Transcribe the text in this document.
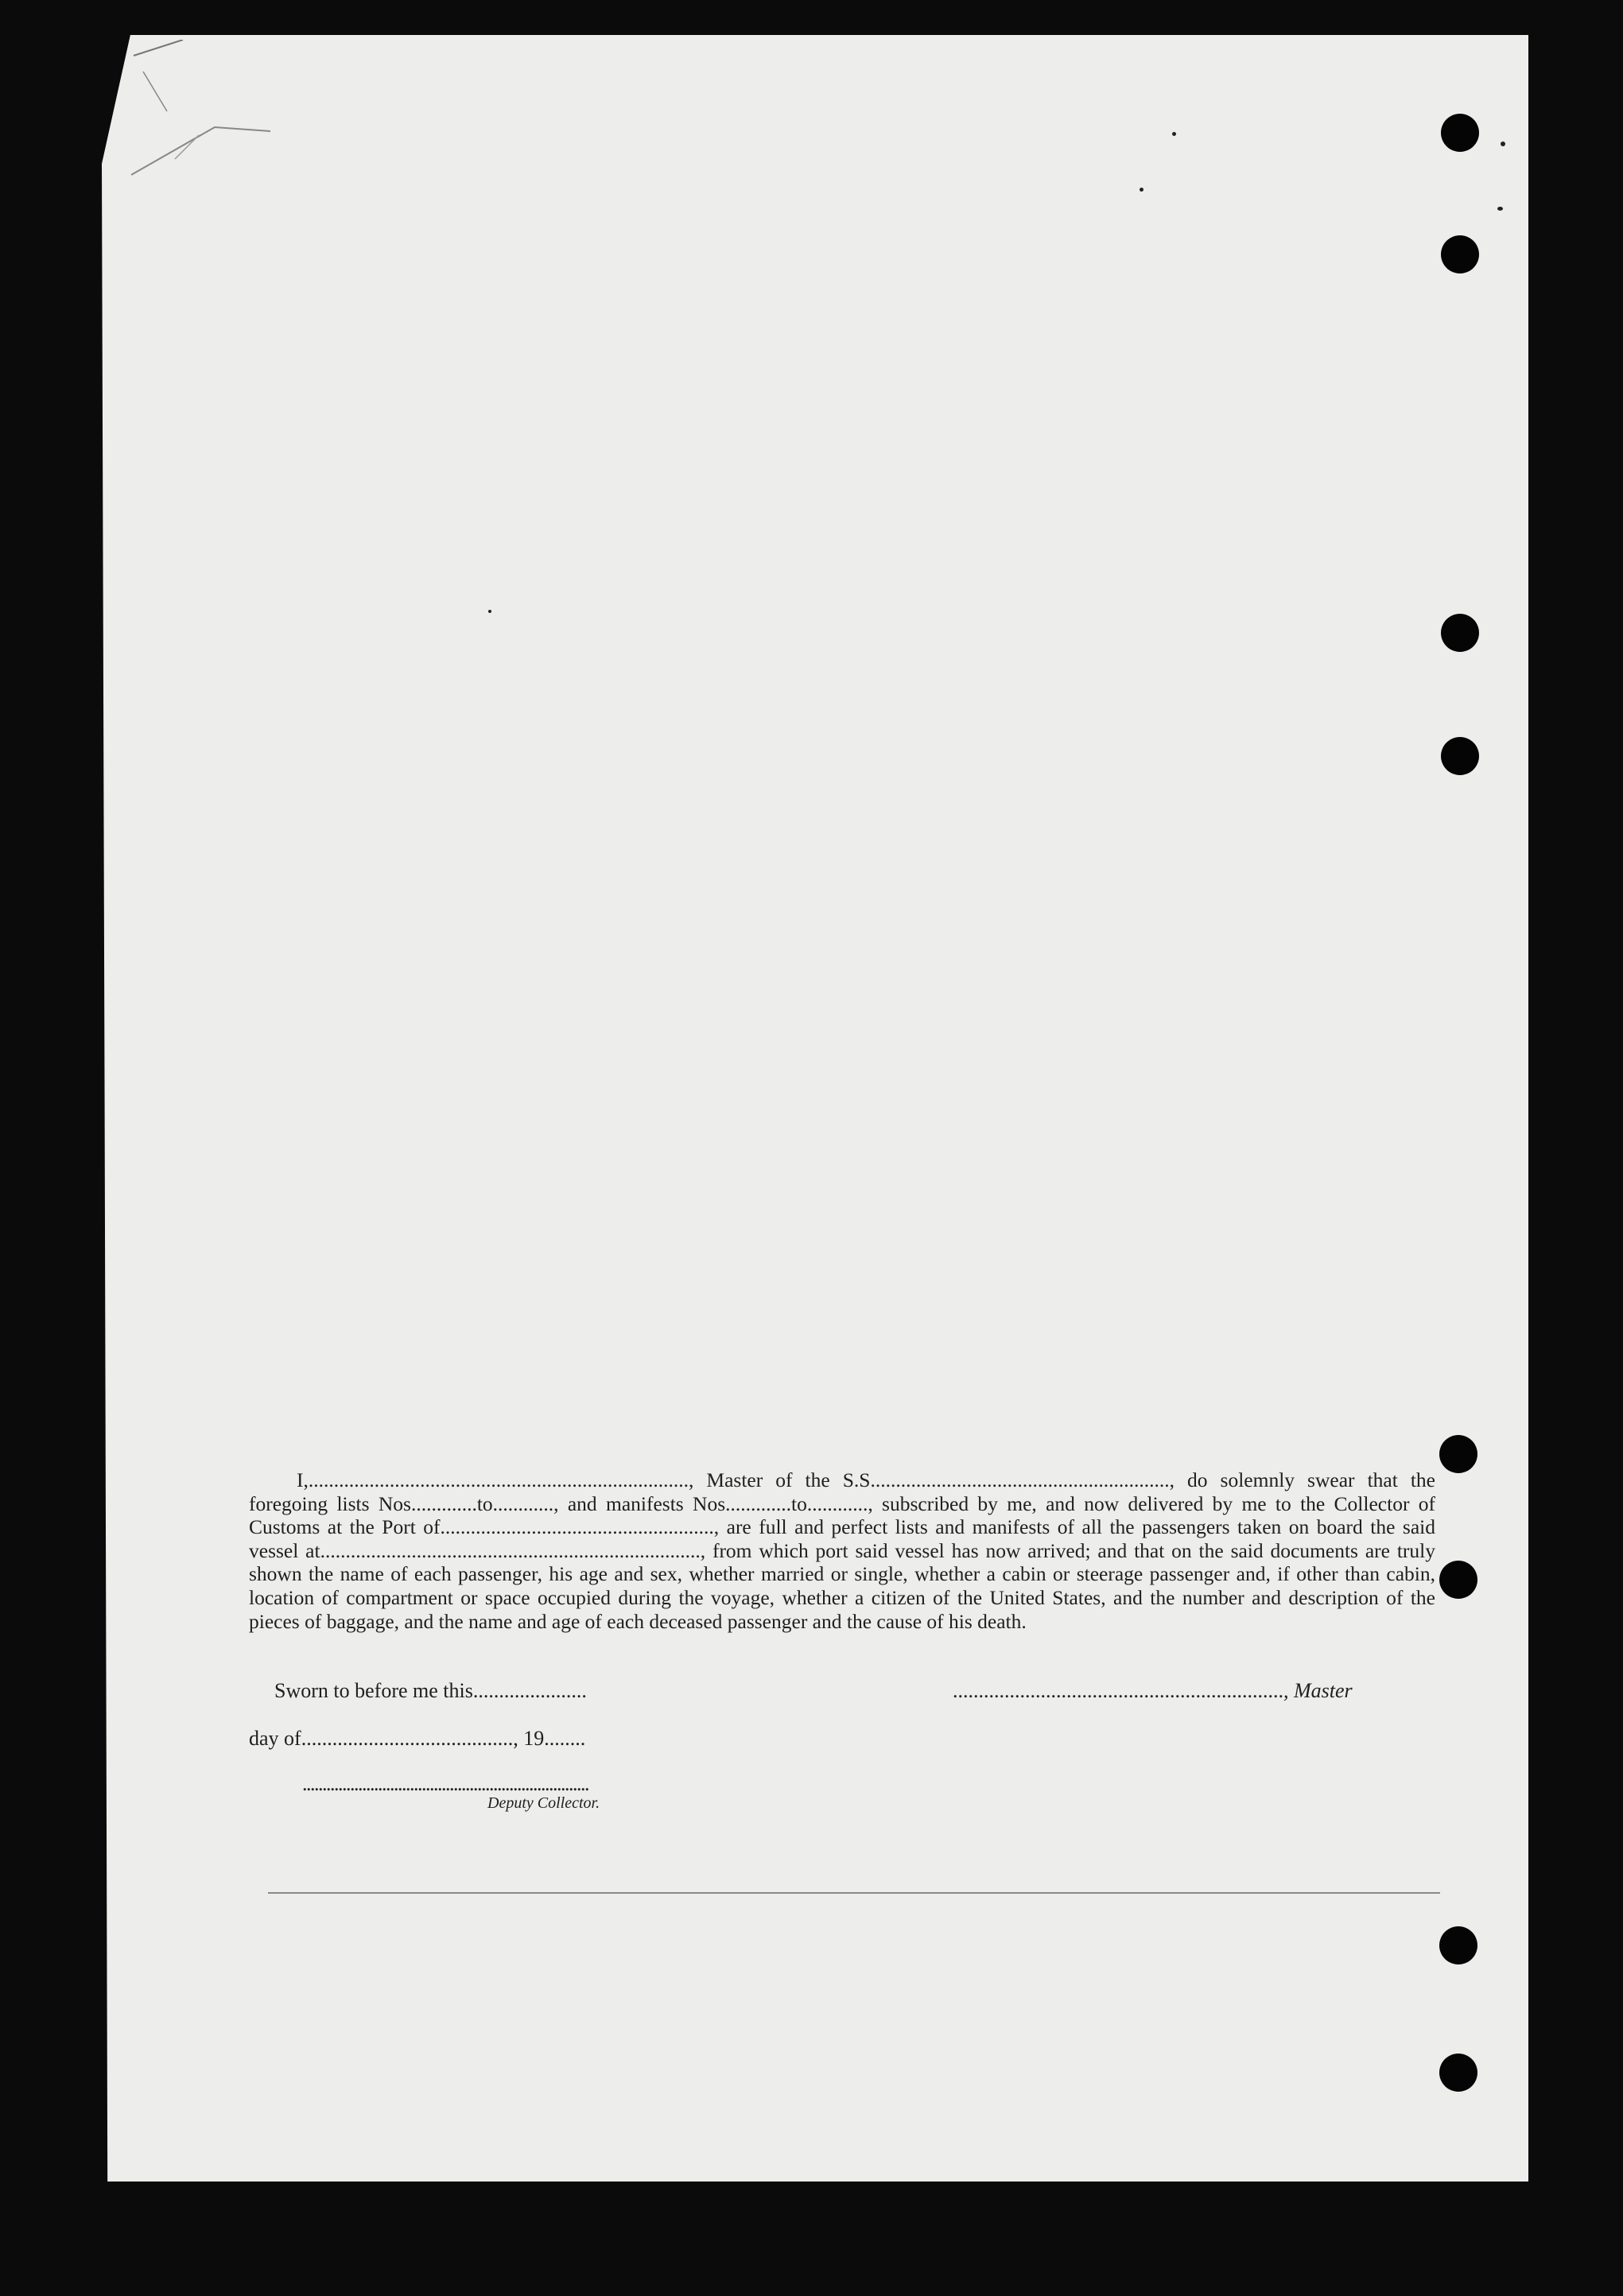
I,..........................................................................., Master of the S.S..........................................................., do solemnly swear that the foregoing lists Nos.............to............, and manifests Nos.............to............, subscribed by me, and now delivered by me to the Collector of Customs at the Port of......................................................, are full and perfect lists and manifests of all the passengers taken on board the said vessel at..........................................................................., from which port said vessel has now arrived; and that on the said documents are truly shown the name of each passenger, his age and sex, whether married or single, whether a cabin or steerage passenger and, if other than cabin, location of compartment or space occupied during the voyage, whether a citizen of the United States, and the number and description of the pieces of baggage, and the name and age of each deceased passenger and the cause of his death.

Sworn to before me this......................	................................................................, Master
day of........................................., 19........
........................................................................
Deputy Collector.
